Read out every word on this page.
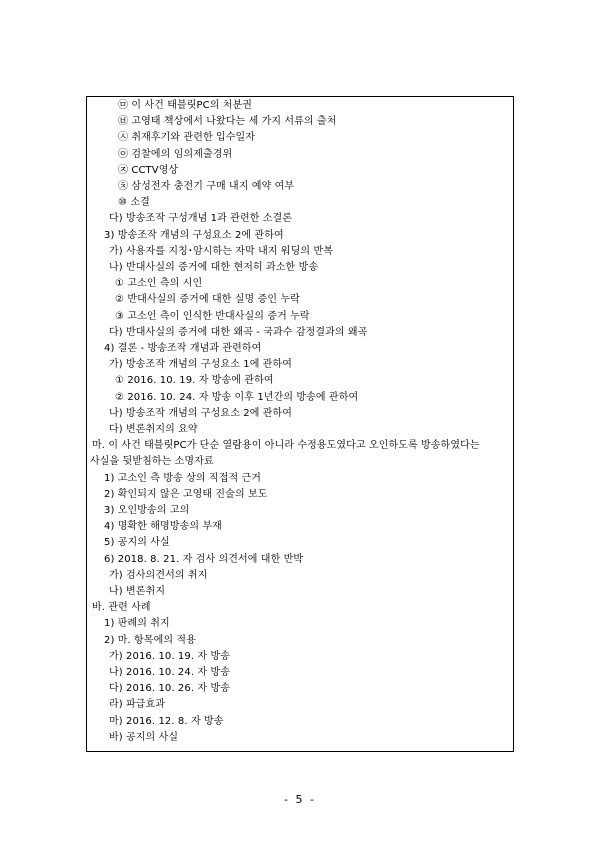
㉤ 이 사건 태블릿PC의 처분권
㉥ 고영태 책상에서 나왔다는 세 가지 서류의 출처
㉦ 취재후기와 관련한 입수일자
㉧ 검찰에의 임의제출경위
㉨ CCTV영상
㉩ 삼성전자 충전기 구매 내지 예약 여부
⑩ 소결
다) 방송조작 구성개념 1과 관련한 소결론
3) 방송조작 개념의 구성요소 2에 관하여
가) 사용자를 지칭･암시하는 자막 내지 워딩의 반복
나) 반대사실의 증거에 대한 현저히 과소한 방송
① 고소인 측의 시인
② 반대사실의 증거에 대한 실명 증인 누락
③ 고소인 측이 인식한 반대사실의 증거 누락
다) 반대사실의 증거에 대한 왜곡 - 국과수 감정결과의 왜곡
4) 결론 - 방송조작 개념과 관련하여
가) 방송조작 개념의 구성요소 1에 관하여
① 2016. 10. 19. 자 방송에 관하여
② 2016. 10. 24. 자 방송 이후 1년간의 방송에 관하여
나) 방송조작 개념의 구성요소 2에 관하여
다) 변론취지의 요약
마. 이 사건 태블릿PC가 단순 열람용이 아니라 수정용도였다고 오인하도록 방송하였다는
사실을 뒷받침하는 소명자료
1) 고소인 측 방송 상의 직접적 근거
2) 확인되지 않은 고영태 진술의 보도
3) 오인방송의 고의
4) 명확한 해명방송의 부재
5) 공지의 사실
6) 2018. 8. 21. 자 검사 의견서에 대한 반박
가) 검사의견서의 취지
나) 변론취지
바. 관련 사례
1) 판례의 취지
2) 마. 항목에의 적용
가) 2016. 10. 19. 자 방송
나) 2016. 10. 24. 자 방송
다) 2016. 10. 26. 자 방송
라) 파급효과
마) 2016. 12. 8. 자 방송
바) 공지의 사실
- 5 -
